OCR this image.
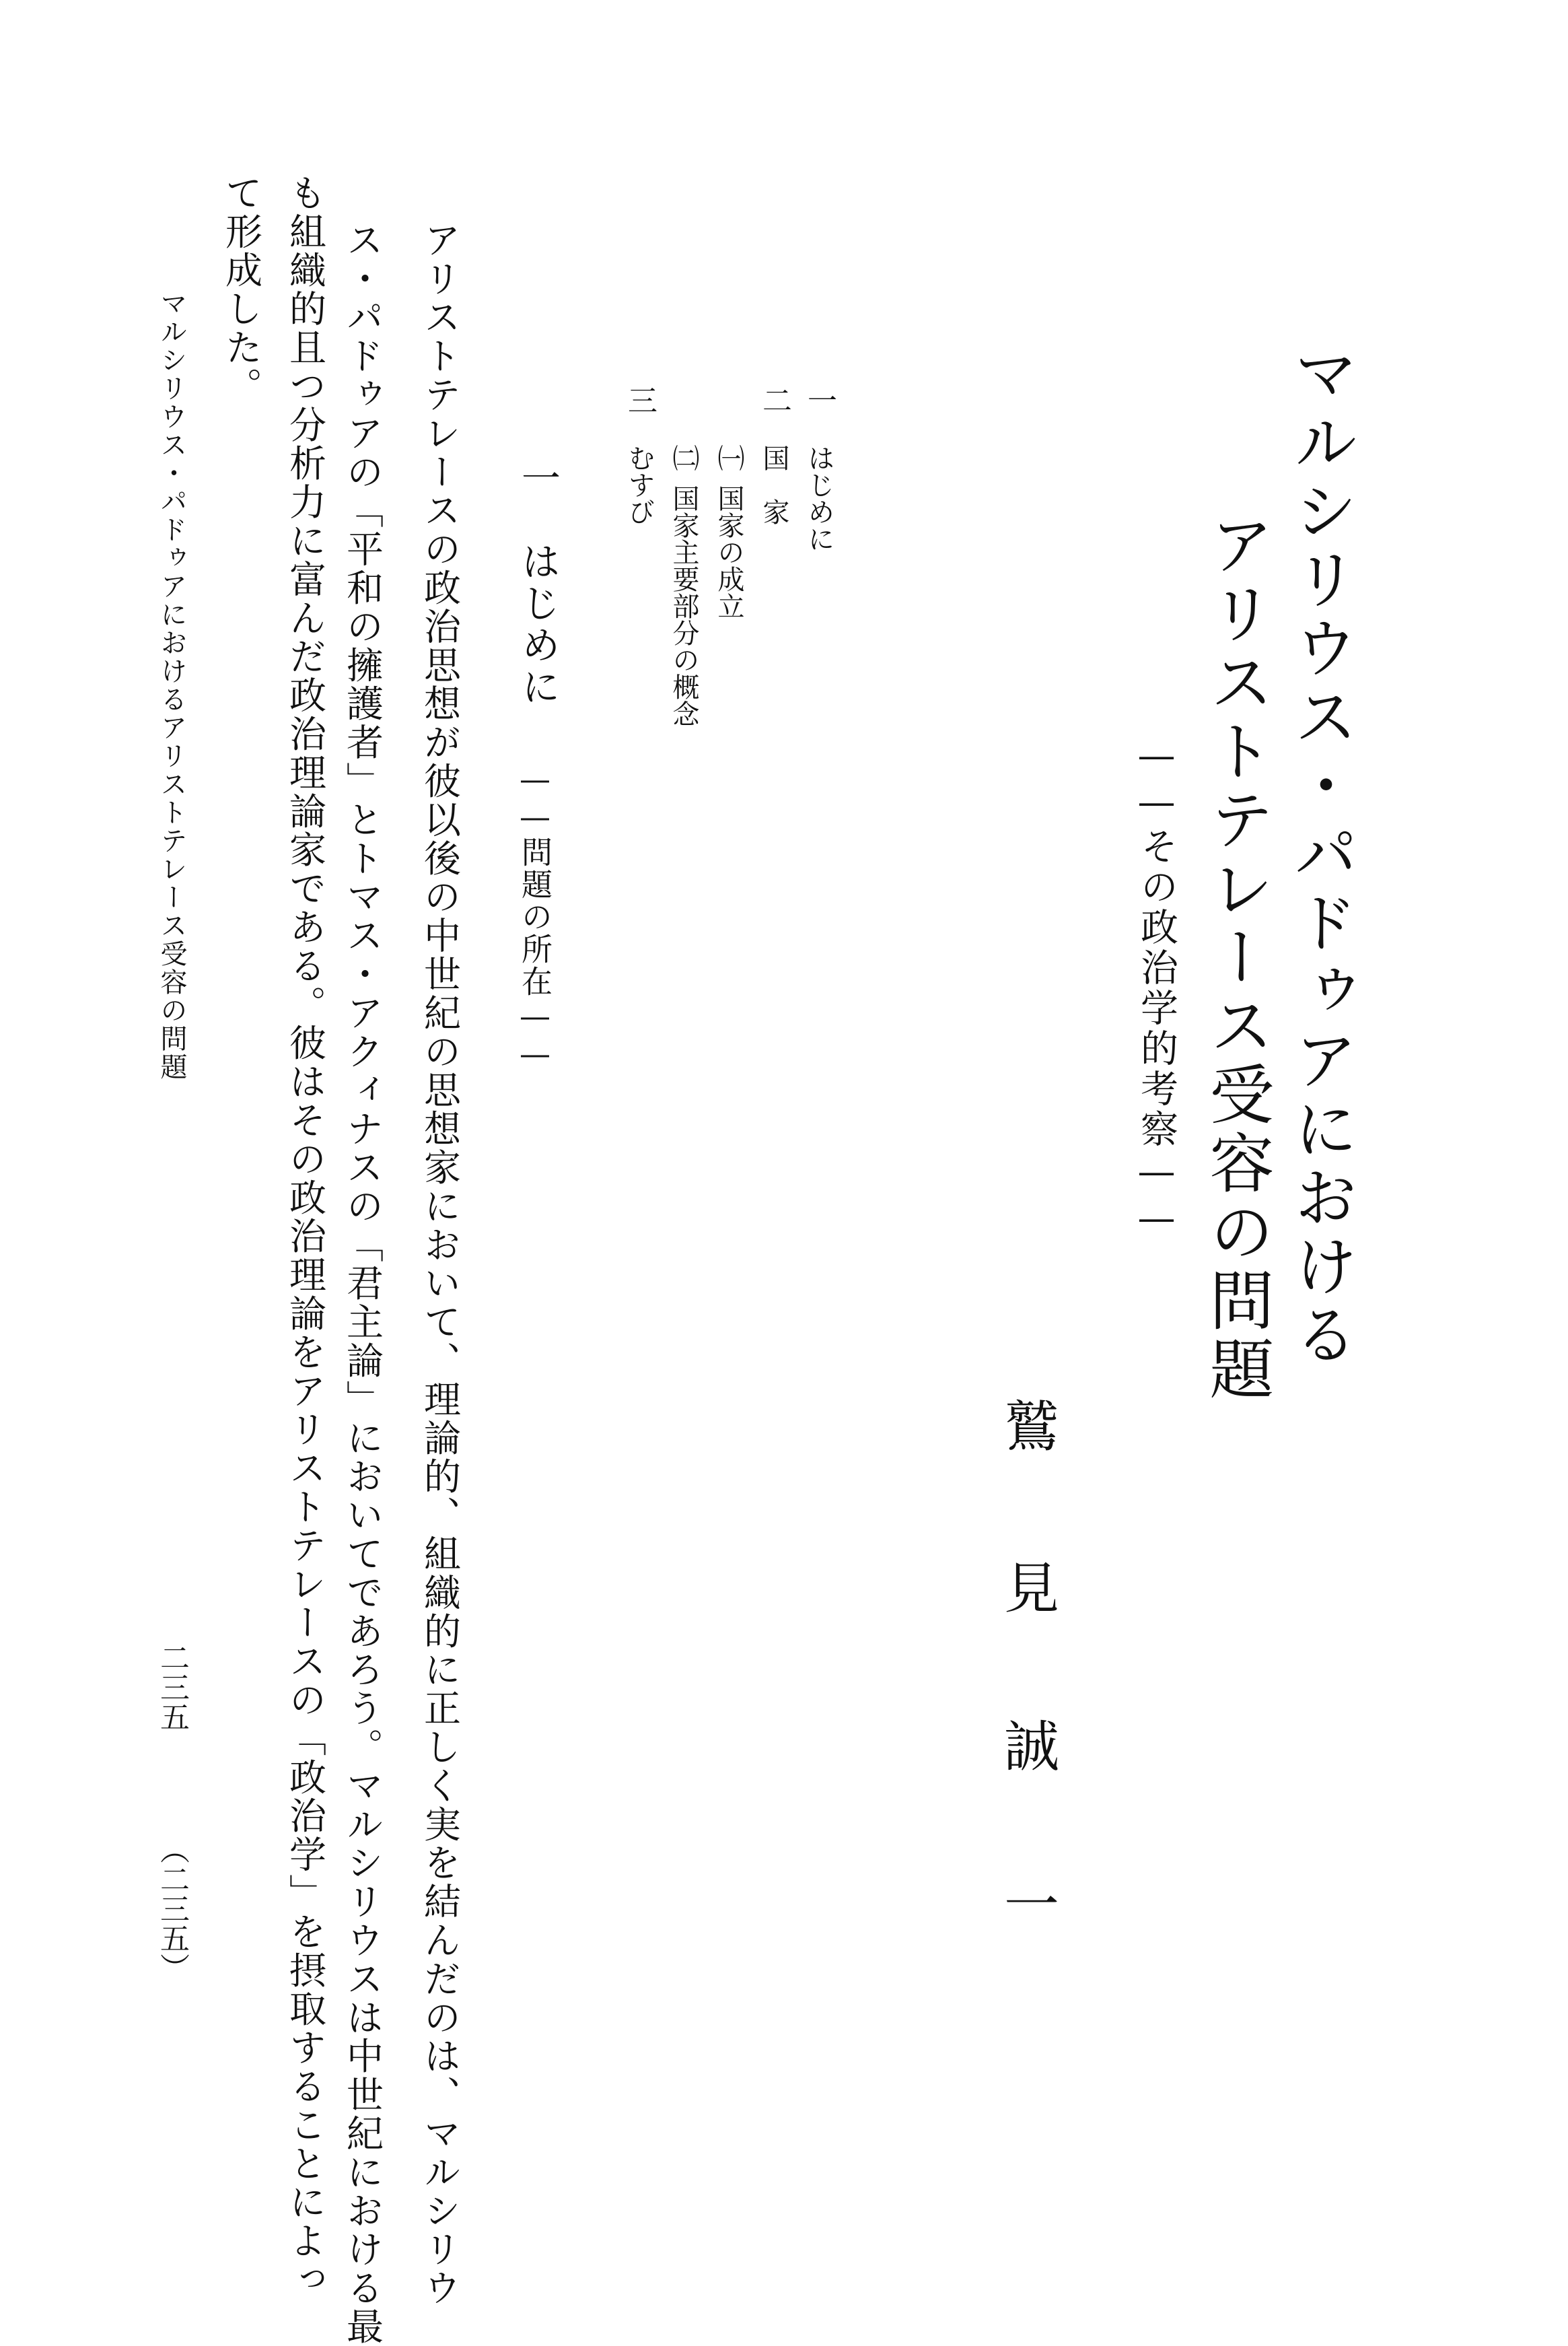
マルシリウス・パドゥアにおける
アリストテレース受容の問題
——その政治学的考察——
鷲
見
誠
一
一
はじめに
二
国　家
㈠
国家の成立
㈡
国家主要部分の概念
三
むすび
一　はじめに
——問題の所在——
アリストテレースの政治思想が彼以後の中世紀の思想家において、理論的、組織的に正しく実を結んだのは、マルシリウ
ス・パドゥアの「平和の擁護者」とトマス・アクィナスの「君主論」においてであろう。マルシリウスは中世紀における最
も組織的且つ分析力に富んだ政治理論家である。彼はその政治理論をアリストテレースの「政治学」を摂取することによっ
て形成した。
マルシリウス・パドゥアにおけるアリストテレース受容の問題
二三五
（二三五）
